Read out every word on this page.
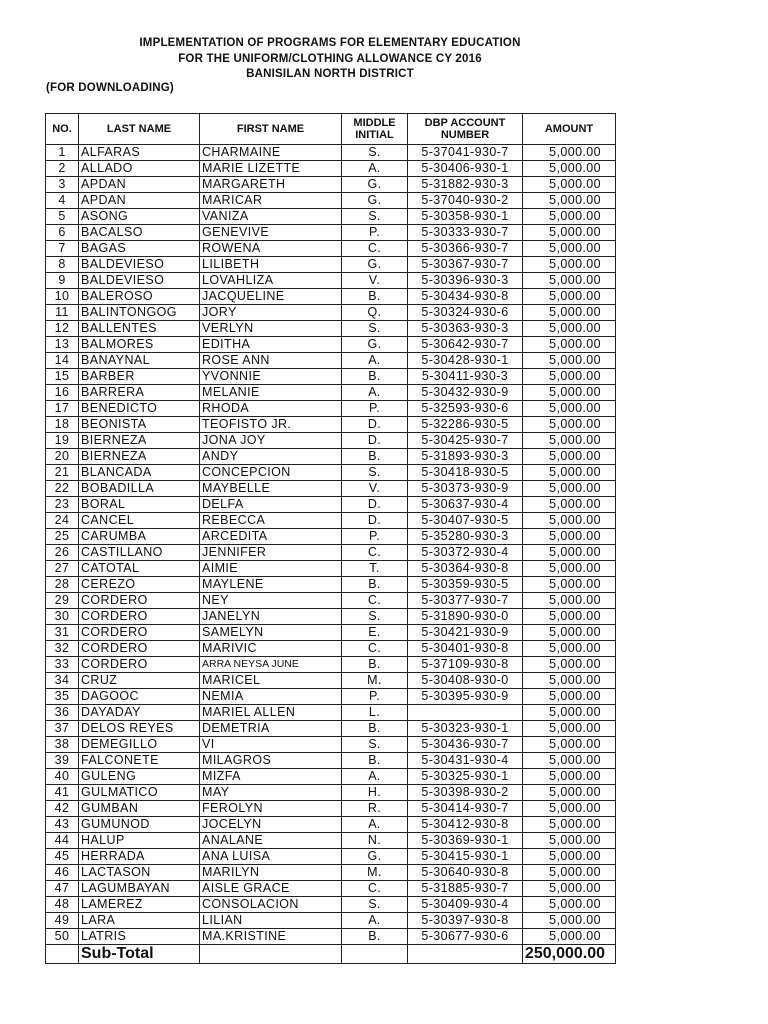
IMPLEMENTATION OF PROGRAMS FOR ELEMENTARY EDUCATION
FOR THE UNIFORM/CLOTHING ALLOWANCE CY 2016
BANISILAN NORTH DISTRICT
(FOR DOWNLOADING)
NO.	LAST NAME	FIRST NAME	MIDDLE INITIAL	DBP ACCOUNT NUMBER	AMOUNT
1	ALFARAS	CHARMAINE	S.	5-37041-930-7	5,000.00
2	ALLADO	MARIE LIZETTE	A.	5-30406-930-1	5,000.00
3	APDAN	MARGARETH	G.	5-31882-930-3	5,000.00
4	APDAN	MARICAR	G.	5-37040-930-2	5,000.00
5	ASONG	VANIZA	S.	5-30358-930-1	5,000.00
6	BACALSO	GENEVIVE	P.	5-30333-930-7	5,000.00
7	BAGAS	ROWENA	C.	5-30366-930-7	5,000.00
8	BALDEVIESO	LILIBETH	G.	5-30367-930-7	5,000.00
9	BALDEVIESO	LOVAHLIZA	V.	5-30396-930-3	5,000.00
10	BALEROSO	JACQUELINE	B.	5-30434-930-8	5,000.00
11	BALINTONGOG	JORY	Q.	5-30324-930-6	5,000.00
12	BALLENTES	VERLYN	S.	5-30363-930-3	5,000.00
13	BALMORES	EDITHA	G.	5-30642-930-7	5,000.00
14	BANAYNAL	ROSE ANN	A.	5-30428-930-1	5,000.00
15	BARBER	YVONNIE	B.	5-30411-930-3	5,000.00
16	BARRERA	MELANIE	A.	5-30432-930-9	5,000.00
17	BENEDICTO	RHODA	P.	5-32593-930-6	5,000.00
18	BEONISTA	TEOFISTO JR.	D.	5-32286-930-5	5,000.00
19	BIERNEZA	JONA JOY	D.	5-30425-930-7	5,000.00
20	BIERNEZA	ANDY	B.	5-31893-930-3	5,000.00
21	BLANCADA	CONCEPCION	S.	5-30418-930-5	5,000.00
22	BOBADILLA	MAYBELLE	V.	5-30373-930-9	5,000.00
23	BORAL	DELFA	D.	5-30637-930-4	5,000.00
24	CANCEL	REBECCA	D.	5-30407-930-5	5,000.00
25	CARUMBA	ARCEDITA	P.	5-35280-930-3	5,000.00
26	CASTILLANO	JENNIFER	C.	5-30372-930-4	5,000.00
27	CATOTAL	AIMIE	T.	5-30364-930-8	5,000.00
28	CEREZO	MAYLENE	B.	5-30359-930-5	5,000.00
29	CORDERO	NEY	C.	5-30377-930-7	5,000.00
30	CORDERO	JANELYN	S.	5-31890-930-0	5,000.00
31	CORDERO	SAMELYN	E.	5-30421-930-9	5,000.00
32	CORDERO	MARIVIC	C.	5-30401-930-8	5,000.00
33	CORDERO	ARRA NEYSA JUNE	B.	5-37109-930-8	5,000.00
34	CRUZ	MARICEL	M.	5-30408-930-0	5,000.00
35	DAGOOC	NEMIA	P.	5-30395-930-9	5,000.00
36	DAYADAY	MARIEL ALLEN	L.		5,000.00
37	DELOS REYES	DEMETRIA	B.	5-30323-930-1	5,000.00
38	DEMEGILLO	VI	S.	5-30436-930-7	5,000.00
39	FALCONETE	MILAGROS	B.	5-30431-930-4	5,000.00
40	GULENG	MIZFA	A.	5-30325-930-1	5,000.00
41	GULMATICO	MAY	H.	5-30398-930-2	5,000.00
42	GUMBAN	FEROLYN	R.	5-30414-930-7	5,000.00
43	GUMUNOD	JOCELYN	A.	5-30412-930-8	5,000.00
44	HALUP	ANALANE	N.	5-30369-930-1	5,000.00
45	HERRADA	ANA LUISA	G.	5-30415-930-1	5,000.00
46	LACTASON	MARILYN	M.	5-30640-930-8	5,000.00
47	LAGUMBAYAN	AISLE GRACE	C.	5-31885-930-7	5,000.00
48	LAMEREZ	CONSOLACION	S.	5-30409-930-4	5,000.00
49	LARA	LILIAN	A.	5-30397-930-8	5,000.00
50	LATRIS	MA.KRISTINE	B.	5-30677-930-6	5,000.00
	Sub-Total				250,000.00
